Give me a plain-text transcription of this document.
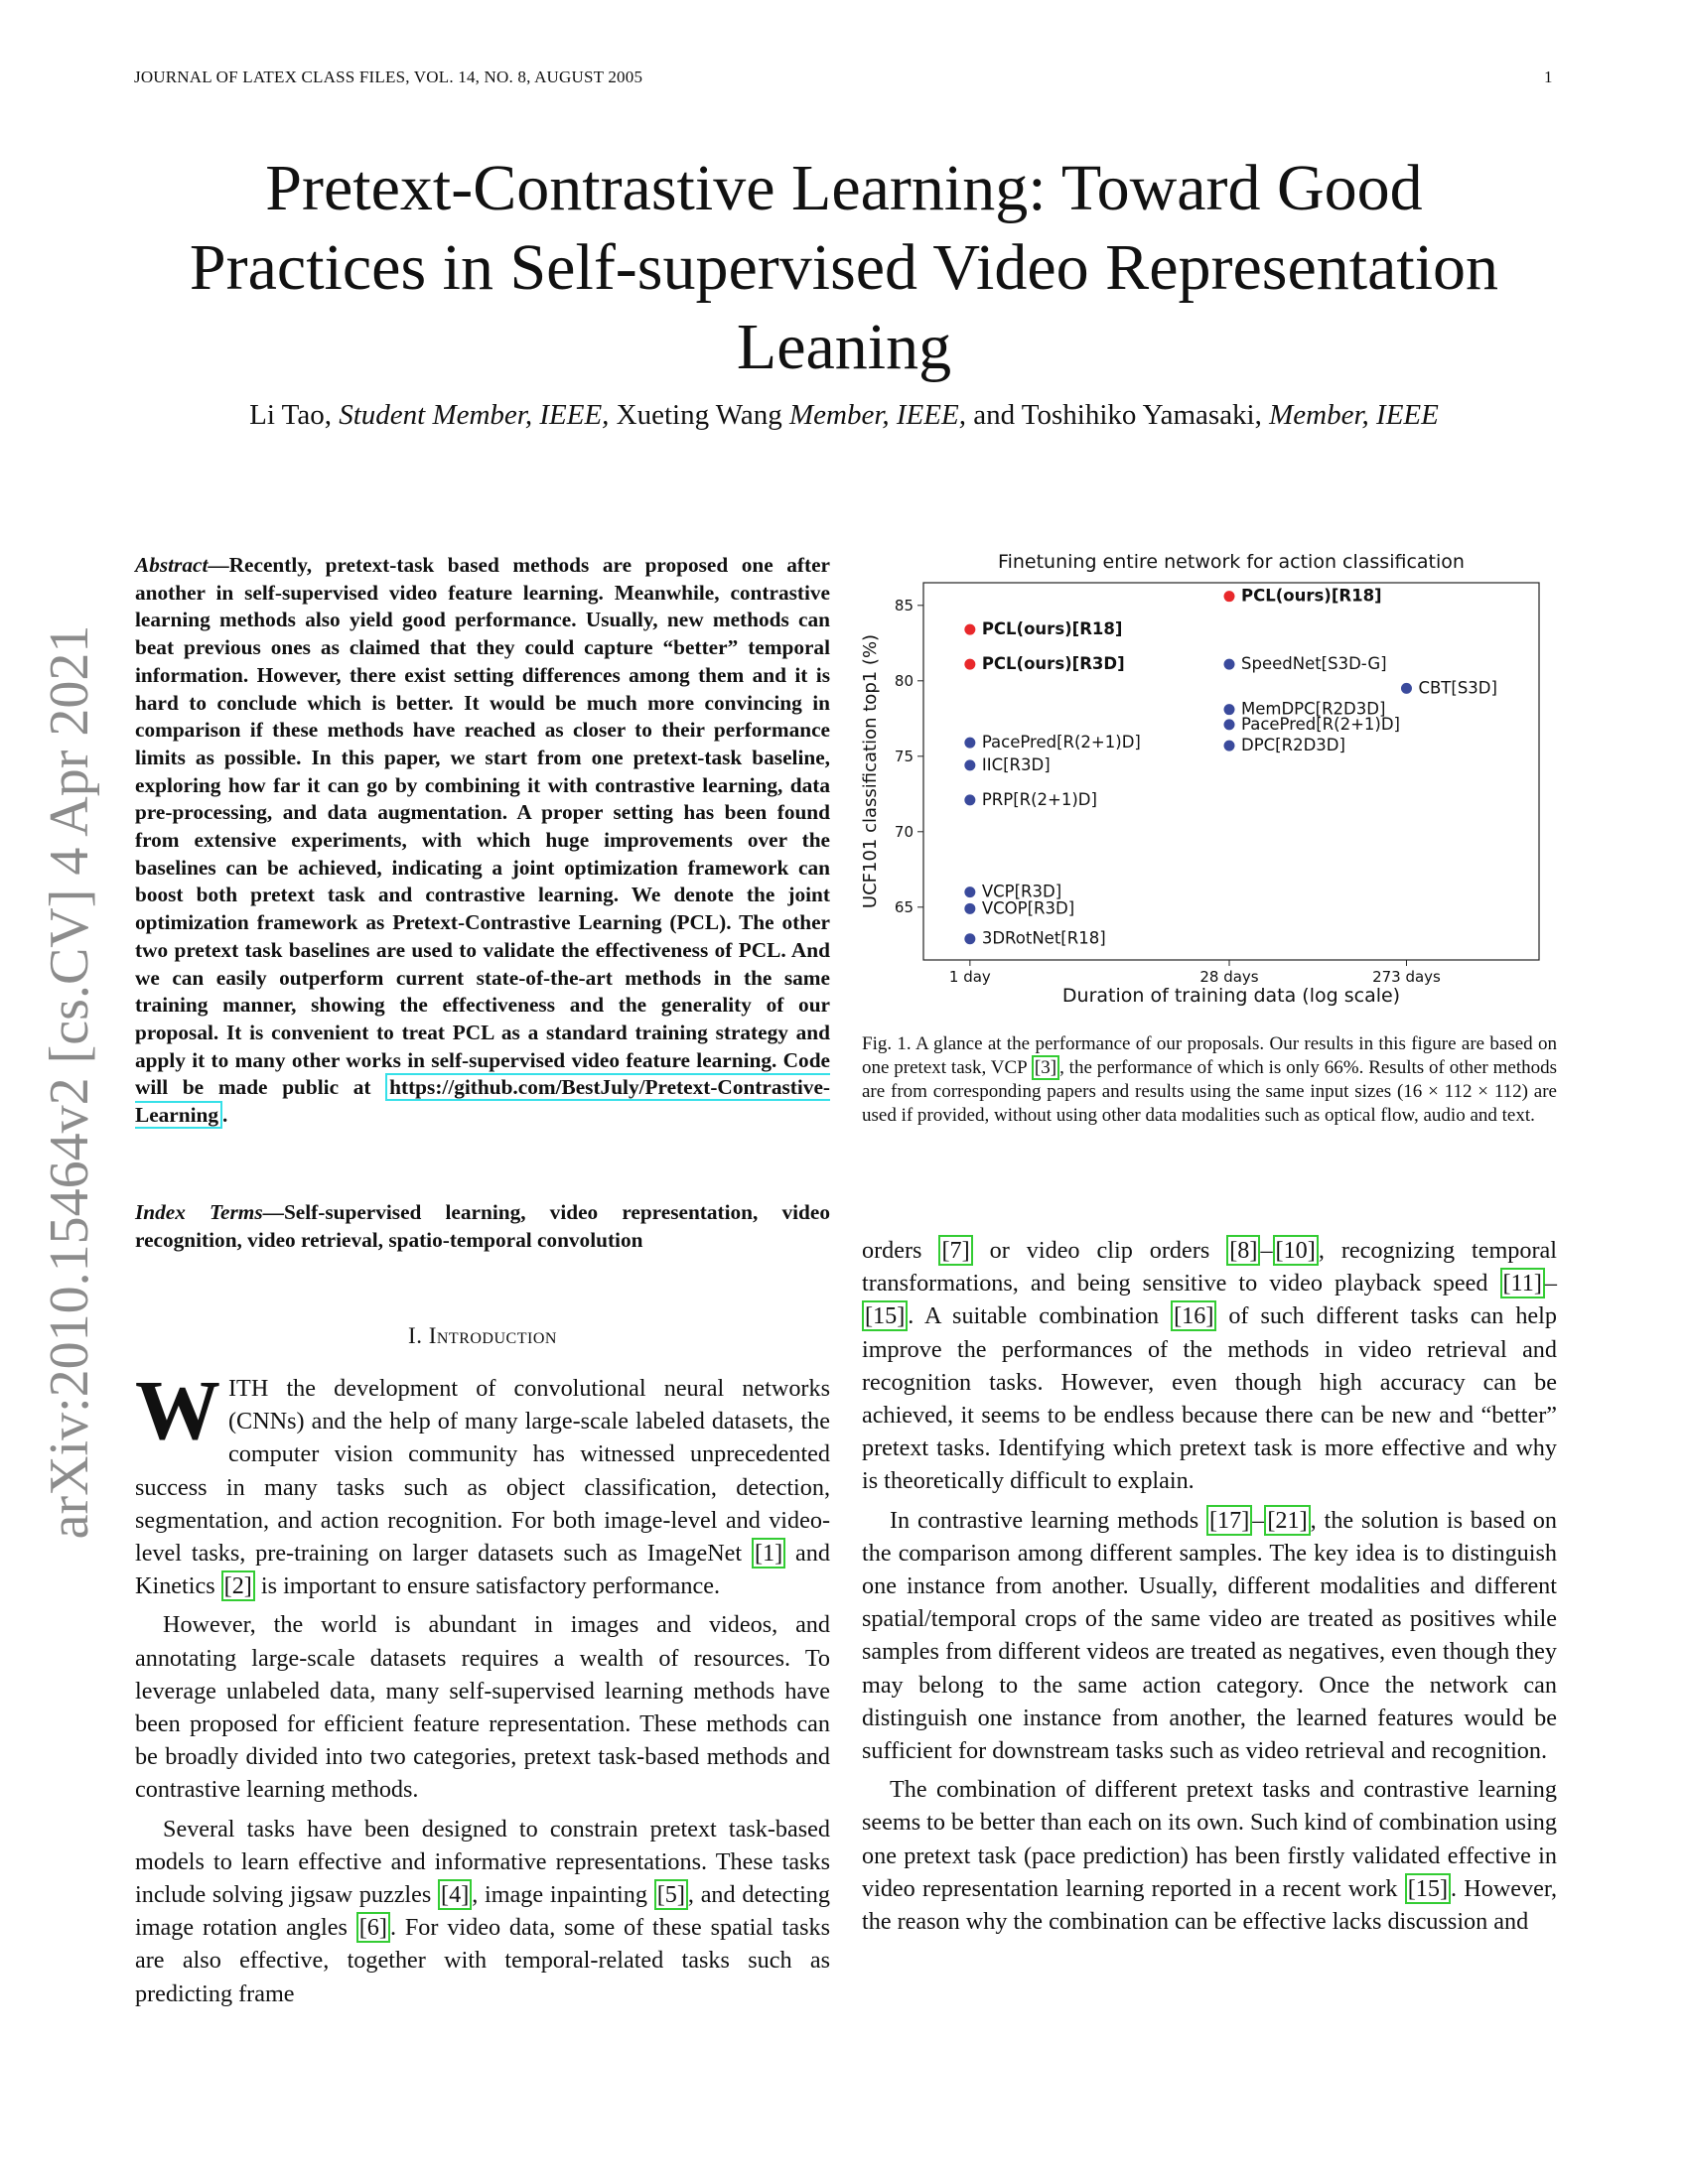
JOURNAL OF LATEX CLASS FILES, VOL. 14, NO. 8, AUGUST 2005	1
arXiv:2010.15464v2 [cs.CV] 4 Apr 2021
Pretext-Contrastive Learning: Toward Good
Practices in Self-supervised Video Representation
Leaning
Li Tao, Student Member, IEEE, Xueting Wang Member, IEEE, and Toshihiko Yamasaki, Member, IEEE
Abstract—Recently, pretext-task based methods are proposed one after another in self-supervised video feature learning. Meanwhile, contrastive learning methods also yield good performance. Usually, new methods can beat previous ones as claimed that they could capture “better” temporal information. However, there exist setting differences among them and it is hard to conclude which is better. It would be much more convincing in comparison if these methods have reached as closer to their performance limits as possible. In this paper, we start from one pretext-task baseline, exploring how far it can go by combining it with contrastive learning, data pre-processing, and data augmentation. A proper setting has been found from extensive experiments, with which huge improvements over the baselines can be achieved, indicating a joint optimization framework can boost both pretext task and contrastive learning. We denote the joint optimization framework as Pretext-Contrastive Learning (PCL). The other two pretext task baselines are used to validate the effectiveness of PCL. And we can easily outperform current state-of-the-art methods in the same training manner, showing the effectiveness and the generality of our proposal. It is convenient to treat PCL as a standard training strategy and apply it to many other works in self-supervised video feature learning. Code will be made public at https://github.com/BestJuly/Pretext-Contrastive-Learning .
Index Terms—Self-supervised learning, video representation, video recognition, video retrieval, spatio-temporal convolution
I. Introduction

WITH the development of convolutional neural networks (CNNs) and the help of many large-scale labeled datasets, the computer vision community has witnessed unprecedented success in many tasks such as object classification, detection, segmentation, and action recognition. For both image-level and video-level tasks, pre-training on larger datasets such as ImageNet [1] and Kinetics [2] is important to ensure satisfactory performance.

However, the world is abundant in images and videos, and annotating large-scale datasets requires a wealth of resources. To leverage unlabeled data, many self-supervised learning methods have been proposed for efficient feature representation. These methods can be broadly divided into two categories, pretext task-based methods and contrastive learning methods.

Several tasks have been designed to constrain pretext task-based models to learn effective and informative representations. These tasks include solving jigsaw puzzles [4] , image inpainting [5] , and detecting image rotation angles [6] . For video data, some of these spatial tasks are also effective, together with temporal-related tasks such as predicting frame

Finetuning entire network for action classification
65
70
75
80
85
1 day	28 days	273 days
PCL(ours)[R18]
PCL(ours)[R3D]
PCL(ours)[R18]
PacePred[R(2+1)D]
IIC[R3D]
PRP[R(2+1)D]
VCP[R3D]
VCOP[R3D]
3DRotNet[R18]
SpeedNet[S3D-G]
MemDPC[R2D3D]
PacePred[R(2+1)D]
DPC[R2D3D]
CBT[S3D]
Duration of training data (log scale)
UCF101 classification top1 (%)
Fig. 1. A glance at the performance of our proposals. Our results in this figure are based on one pretext task, VCP [3] , the performance of which is only 66%. Results of other methods are from corresponding papers and results using the same input sizes (16 × 112 × 112) are used if provided, without using other data modalities such as optical flow, audio and text.

orders [7] or video clip orders [8] – [10] , recognizing temporal transformations, and being sensitive to video playback speed [11] –[15] . A suitable combination [16] of such different tasks can help improve the performances of the methods in video retrieval and recognition tasks. However, even though high accuracy can be achieved, it seems to be endless because there can be new and “better” pretext tasks. Identifying which pretext task is more effective and why is theoretically difficult to explain.

In contrastive learning methods [17] – [21] , the solution is based on the comparison among different samples. The key idea is to distinguish one instance from another. Usually, different modalities and different spatial/temporal crops of the same video are treated as positives while samples from different videos are treated as negatives, even though they may belong to the same action category. Once the network can distinguish one instance from another, the learned features would be sufficient for downstream tasks such as video retrieval and recognition.

The combination of different pretext tasks and contrastive learning seems to be better than each on its own. Such kind of combination using one pretext task (pace prediction) has been firstly validated effective in video representation learning reported in a recent work [15] . However, the reason why the combination can be effective lacks discussion and
